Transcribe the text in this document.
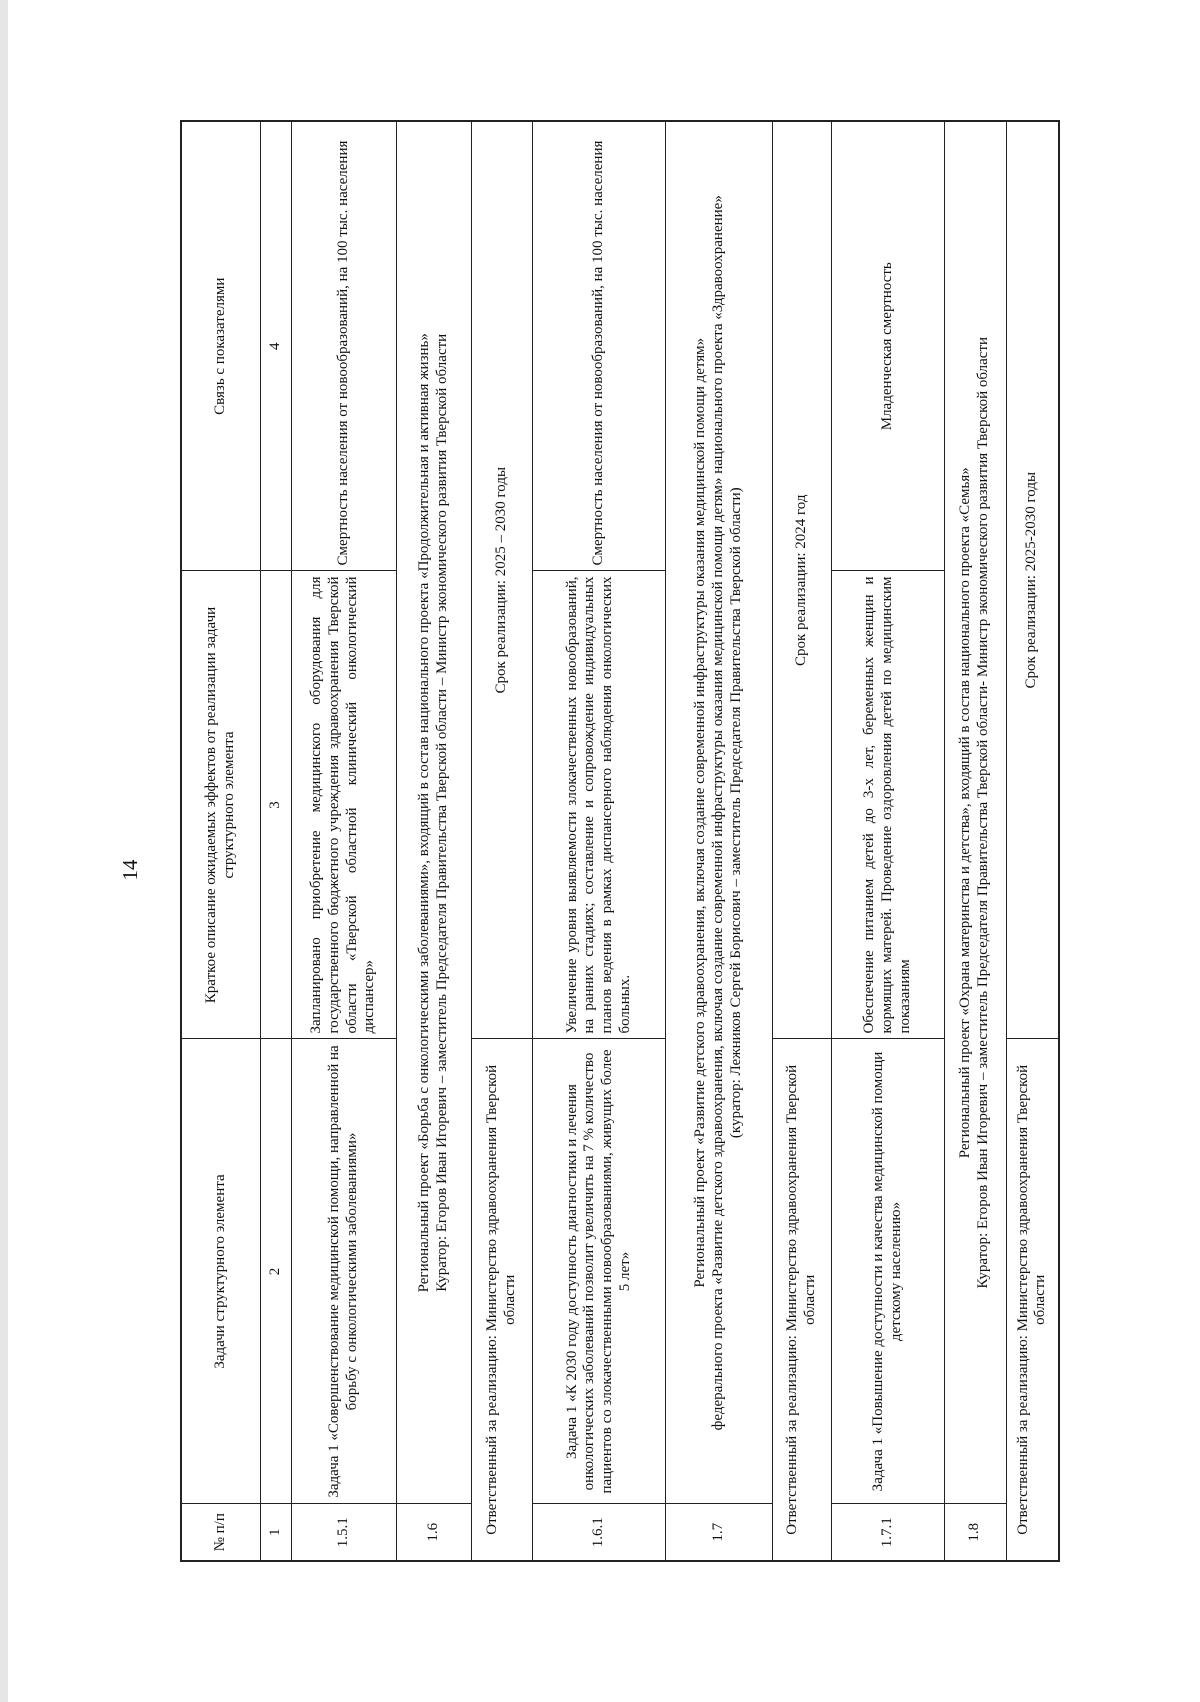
14
№ п/п	Задачи структурного элемента	Краткое описание ожидаемых эффектов от реализации задачи структурного элемента	Связь с показателями
1	2	3	4
1.5.1	Задача 1 «Совершенствование медицинской помощи, направленной на борьбу с онкологическими заболеваниями»	Запланировано приобретение медицинского оборудования для государственного бюджетного учреждения здравоохранения Тверской области «Тверской областной клинический онкологический диспансер»	Смертность населения от новообразований, на 100 тыс. населения
1.6	Региональный проект «Борьба с онкологическими заболеваниями», входящий в состав национального проекта «Продолжительная и активная жизнь» Куратор: Егоров Иван Игоревич – заместитель Председателя Правительства Тверской области – Министр экономического развития Тверской области		

Ответственный за реализацию: Министерство здравоохранения Тверской области		Срок реализации: 2025 – 2030 годы	
1.6.1	Задача 1 «К 2030 году доступность диагностики и лечения онкологических заболеваний позволит увеличить на 7 % количество пациентов со злокачественными новообразованиями, живущих более 5 лет»	Увеличение уровня выявляемости злокачественных новообразований, на ранних стадиях; составление и сопровождение индивидуальных планов ведения в рамках диспансерного наблюдения онкологических больных.	Смертность населения от новообразований, на 100 тыс. населения
1.7	Региональный проект «Развитие детского здравоохранения, включая создание современной инфраструктуры оказания медицинской помощи детям» федерального проекта «Развитие детского здравоохранения, включая создание современной инфраструктуры оказания медицинской помощи детям» национального проекта «Здравоохранение» (куратор: Лежников Сергей Борисович – заместитель Председателя Правительства Тверской области)		

Ответственный за реализацию: Министерство здравоохранения Тверской области		Срок реализации: 2024 год	
1.7.1	Задача 1 «Повышение доступности и качества медицинской помощи детскому населению»	Обеспечение питанием детей до 3-х лет, беременных женщин и кормящих матерей. Проведение оздоровления детей по медицинским показаниям	Младенческая смертность
1.8	Региональный проект «Охрана материнства и детства», входящий в состав национального проекта «Семья» Куратор: Егоров Иван Игоревич – заместитель Председателя Правительства Тверской области- Министр экономического развития Тверской области		

Ответственный за реализацию: Министерство здравоохранения Тверской области		Срок реализации: 2025-2030 годы	
